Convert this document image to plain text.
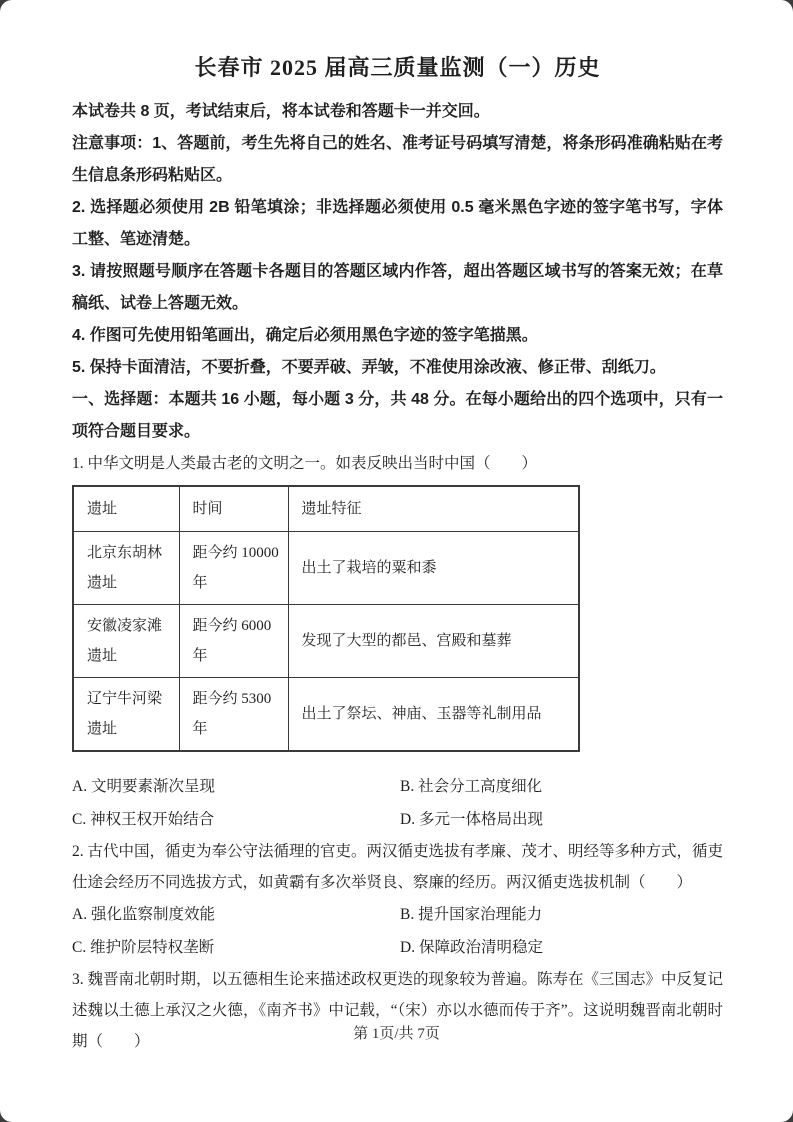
长春市 2025 届高三质量监测（一）历史

本试卷共 8 页，考试结束后，将本试卷和答题卡一并交回。

注意事项：1、答题前，考生先将自己的姓名、准考证号码填写清楚，将条形码准确粘贴在考生信息条形码粘贴区。

2. 选择题必须使用 2B 铅笔填涂；非选择题必须使用 0.5 毫米黑色字迹的签字笔书写，字体工整、笔迹清楚。

3. 请按照题号顺序在答题卡各题目的答题区域内作答，超出答题区域书写的答案无效；在草稿纸、试卷上答题无效。

4. 作图可先使用铅笔画出，确定后必须用黑色字迹的签字笔描黑。

5. 保持卡面清洁，不要折叠，不要弄破、弄皱，不准使用涂改液、修正带、刮纸刀。

一、选择题：本题共 16 小题，每小题 3 分，共 48 分。在每小题给出的四个选项中，只有一项符合题目要求。

1. 中华文明是人类最古老的文明之一。如表反映出当时中国（　　）

遗址	时间	遗址特征
北京东胡林遗址	距今约 10000 年	出土了栽培的粟和黍
安徽凌家滩遗址	距今约 6000 年	发现了大型的都邑、宫殿和墓葬
辽宁牛河梁遗址	距今约 5300 年	出土了祭坛、神庙、玉器等礼制用品
A. 文明要素渐次呈现	B. 社会分工高度细化
C. 神权王权开始结合	D. 多元一体格局出现

2. 古代中国，循吏为奉公守法循理的官吏。两汉循吏选拔有孝廉、茂才、明经等多种方式，循吏仕途会经历不同选拔方式，如黄霸有多次举贤良、察廉的经历。两汉循吏选拔机制（　　）

A. 强化监察制度效能	B. 提升国家治理能力
C. 维护阶层特权垄断	D. 保障政治清明稳定

3. 魏晋南北朝时期，以五德相生论来描述政权更迭的现象较为普遍。陈寿在《三国志》中反复记述魏以土德上承汉之火德，《南齐书》中记载，“（宋）亦以水德而传于齐”。这说明魏晋南北朝时期（　　）	第 1页/共 7页
